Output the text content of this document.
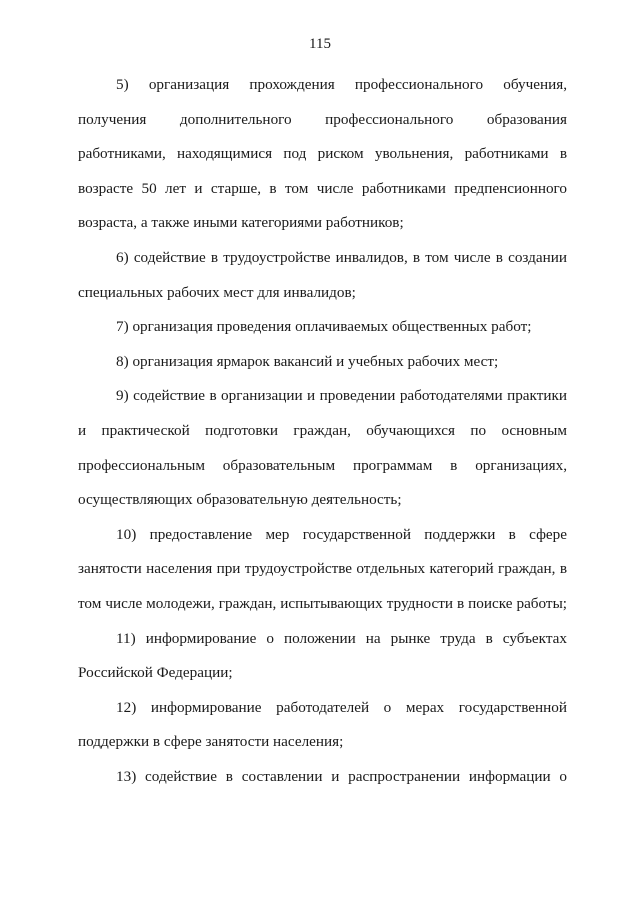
115
5) организация прохождения профессионального обучения,
получения дополнительного профессионального образования
работниками, находящимися под риском увольнения, работниками в
возрасте 50 лет и старше, в том числе работниками предпенсионного
возраста, а также иными категориями работников;
6) содействие в трудоустройстве инвалидов, в том числе в создании
специальных рабочих мест для инвалидов;
7) организация проведения оплачиваемых общественных работ;
8) организация ярмарок вакансий и учебных рабочих мест;
9) содействие в организации и проведении работодателями практики
и практической подготовки граждан, обучающихся по основным
профессиональным образовательным программам в организациях,
осуществляющих образовательную деятельность;
10) предоставление мер государственной поддержки в сфере
занятости населения при трудоустройстве отдельных категорий граждан, в
том числе молодежи, граждан, испытывающих трудности в поиске работы;
11) информирование о положении на рынке труда в субъектах
Российской Федерации;
12) информирование работодателей о мерах государственной
поддержки в сфере занятости населения;
13) содействие в составлении и распространении информации о
